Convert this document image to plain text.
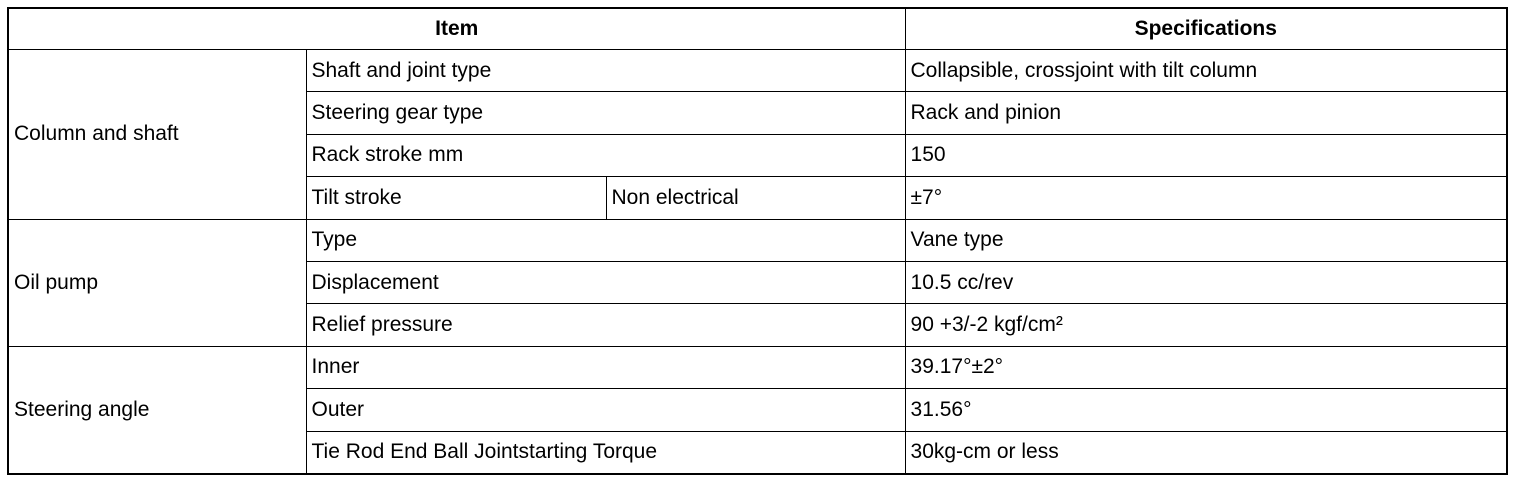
Item			Specifications
Column and shaft	Shaft and joint type		Collapsible, crossjoint with tilt column
	Steering gear type		Rack and pinion
	Rack stroke mm		150
	Tilt stroke	Non electrical	±7°
Oil pump	Type		Vane type
	Displacement		10.5 cc/rev
	Relief pressure		90 +3/-2 kgf/cm²
Steering angle	Inner		39.17°±2°
	Outer		31.56°
	Tie Rod End Ball Jointstarting Torque		30kg-cm or less
